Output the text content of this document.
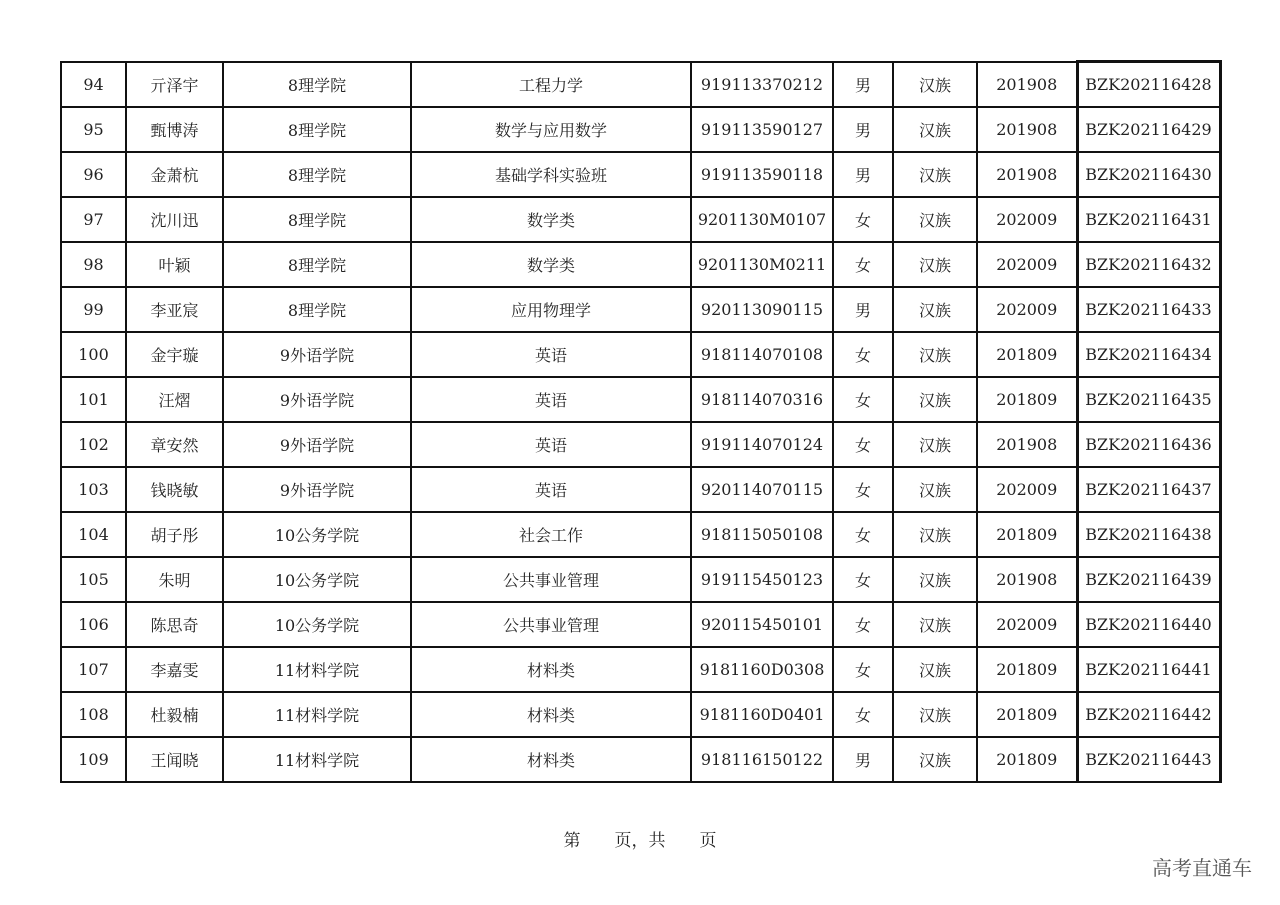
94	亓泽宇	8理学院	工程力学	919113370212	男	汉族	201908	BZK202116428
95	甄博涛	8理学院	数学与应用数学	919113590127	男	汉族	201908	BZK202116429
96	金萧杭	8理学院	基础学科实验班	919113590118	男	汉族	201908	BZK202116430
97	沈川迅	8理学院	数学类	9201130M0107	女	汉族	202009	BZK202116431
98	叶颖	8理学院	数学类	9201130M0211	女	汉族	202009	BZK202116432
99	李亚宸	8理学院	应用物理学	920113090115	男	汉族	202009	BZK202116433
100	金宇璇	9外语学院	英语	918114070108	女	汉族	201809	BZK202116434
101	汪熠	9外语学院	英语	918114070316	女	汉族	201809	BZK202116435
102	章安然	9外语学院	英语	919114070124	女	汉族	201908	BZK202116436
103	钱晓敏	9外语学院	英语	920114070115	女	汉族	202009	BZK202116437
104	胡子彤	10公务学院	社会工作	918115050108	女	汉族	201809	BZK202116438
105	朱明	10公务学院	公共事业管理	919115450123	女	汉族	201908	BZK202116439
106	陈思奇	10公务学院	公共事业管理	920115450101	女	汉族	202009	BZK202116440
107	李嘉雯	11材料学院	材料类	9181160D0308	女	汉族	201809	BZK202116441
108	杜毅楠	11材料学院	材料类	9181160D0401	女	汉族	201809	BZK202116442
109	王闻晓	11材料学院	材料类	918116150122	男	汉族	201809	BZK202116443
第　　页，共　　页
高考直通车
